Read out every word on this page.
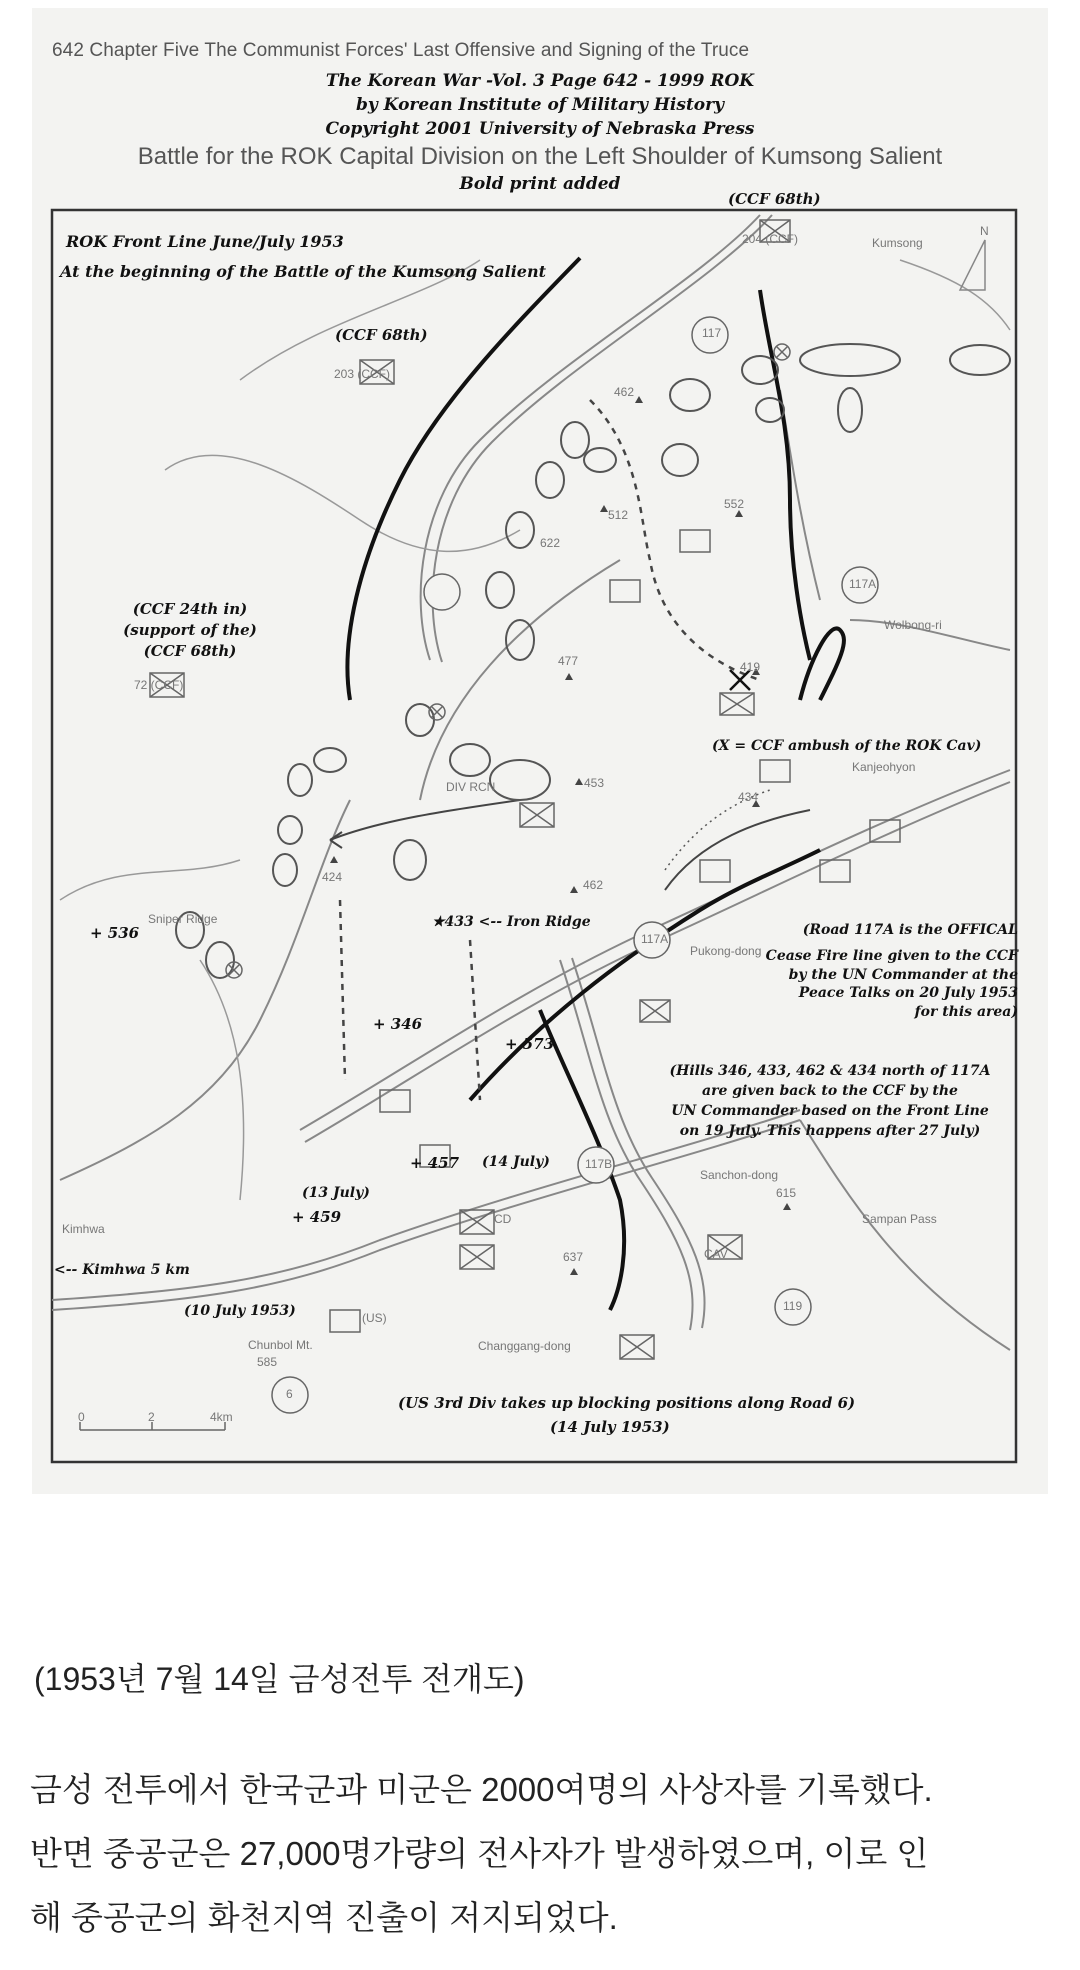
642 Chapter Five The Communist Forces' Last Offensive and Signing of the Truce
The Korean War -Vol. 3 Page 642 - 1999 ROK
by Korean Institute of Military History
Copyright 2001 University of Nebraska Press
Battle for the ROK Capital Division on the Left Shoulder of Kumsong Salient
Bold print added
(CCF 68th)
ROK Front Line June/July 1953
At the beginning of the Battle of the Kumsong Salient
(CCF 68th)
(CCF 24th in)
(support of the)
(CCF 68th)
(X = CCF ambush of the ROK Cav)
(Road 117A is the OFFICAL
Cease Fire line given to the CCF
by the UN Commander at the
Peace Talks on 20 July 1953
for this area)
(Hills 346, 433, 462 & 434 north of 117A
are given back to the CCF by the
UN Commander based on the Front Line
on 19 July. This happens after 27 July)
★433 <-- Iron Ridge
+ 536
+ 346
+ 573
+ 457 (14 July)
(13 July)
+ 459
<-- Kimhwa 5 km
(10 July 1953)
(US 3rd Div takes up blocking positions along Road 6)
(14 July 1953)
117
117A
117A
117B
119
6
462
512
552
622
477	419
453
434
462
424
615
637
585
Kumsong
Wolbong-ri
Kanjeohyon
Pukong-dong
Sniper Ridge
Kimhwa
Chunbol Mt.	Changgang-dong
Sampan Pass
Sanchon-dong
204 (CCF)
203 (CCF)
72 (CCF)
CAV
CD
(US)
DIV RCN
0	2	4km
N
(1953년 7월 14일 금성전투 전개도)
금성 전투에서 한국군과 미군은 2000여명의 사상자를 기록했다.
반면 중공군은 27,000명가량의 전사자가 발생하였으며, 이로 인
해 중공군의 화천지역 진출이 저지되었다.
